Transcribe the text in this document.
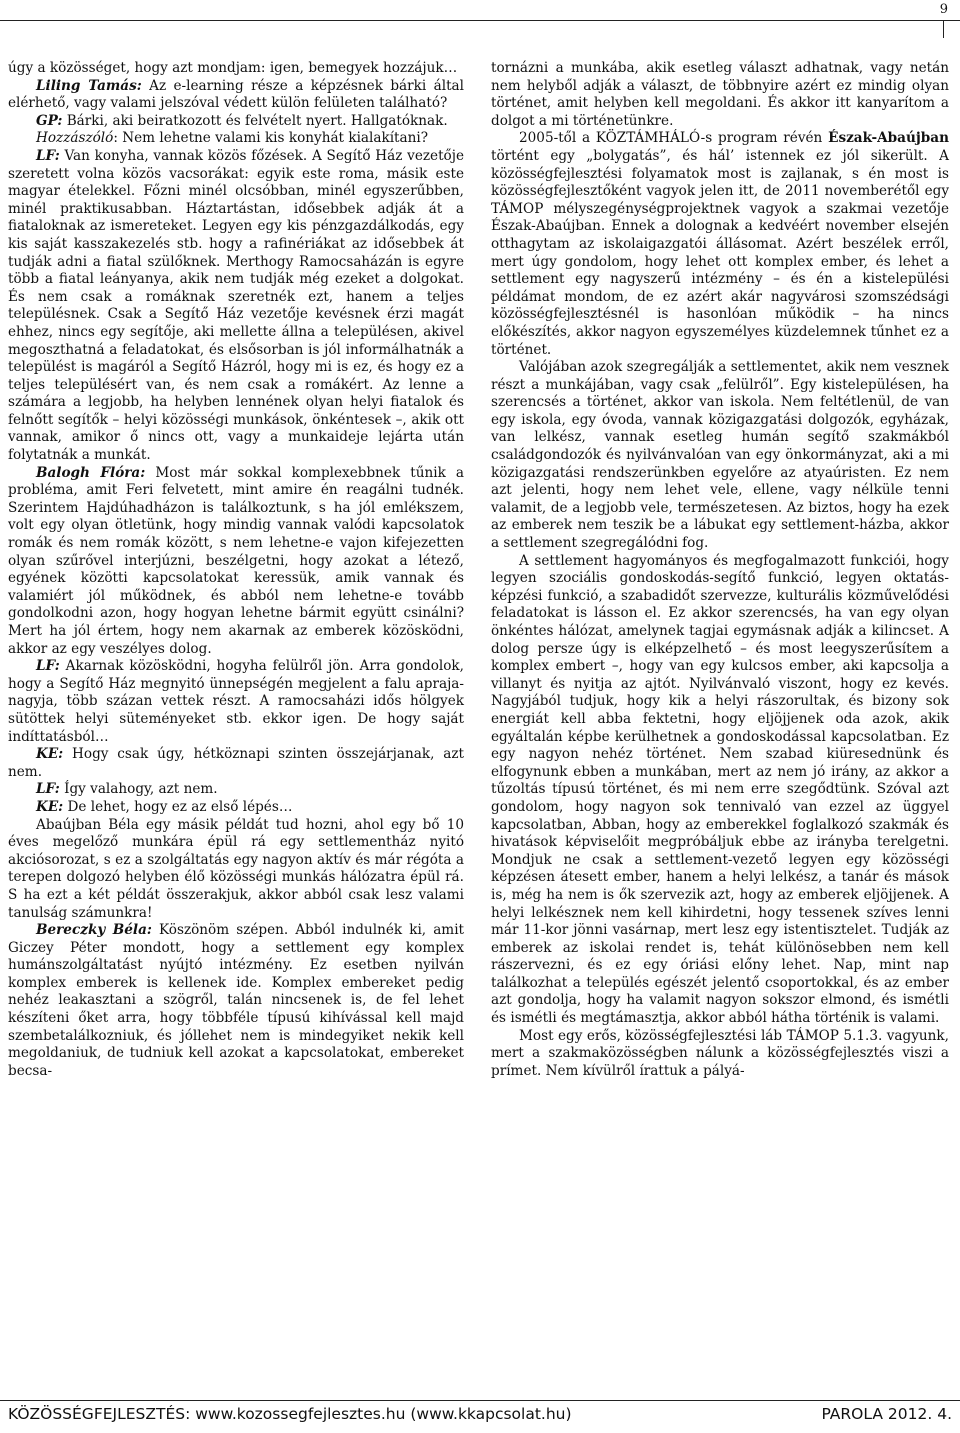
9

úgy a közösséget, hogy azt mondjam: igen, bemegyek hozzájuk…

Liling Tamás: Az e-learning része a képzésnek bárki által elérhető, vagy valami jelszóval védett külön felületen található?

GP: Bárki, aki beiratkozott és felvételt nyert. Hallgatóknak.

Hozzászóló: Nem lehetne valami kis konyhát kialakítani?

LF: Van konyha, vannak közös főzések. A Segítő Ház vezetője szeretett volna közös vacsorákat: egyik este roma, másik este magyar ételekkel. Főzni minél olcsóbban, minél egyszerűbben, minél praktikusabban. Háztartástan, idősebbek adják át a fiataloknak az ismereteket. Legyen egy kis pénzgazdálkodás, egy kis saját kasszakezelés stb. hogy a rafinériákat az idősebbek át tudják adni a fiatal szülőknek. Merthogy Ramocsaházán is egyre több a fiatal leányanya, akik nem tudják még ezeket a dolgokat. És nem csak a romáknak szeretnék ezt, hanem a teljes településnek. Csak a Segítő Ház vezetője kevésnek érzi magát ehhez, nincs egy segítője, aki mellette állna a településen, akivel megoszthatná a feladatokat, és elsősorban is jól informálhatnák a települést is magáról a Segítő Házról, hogy mi is ez, és hogy ez a teljes településért van, és nem csak a romákért. Az lenne a számára a legjobb, ha helyben lennének olyan helyi fiatalok és felnőtt segítők – helyi közösségi munkások, önkéntesek –, akik ott vannak, amikor ő nincs ott, vagy a munkaideje lejárta után folytatnák a munkát.

Balogh Flóra: Most már sokkal komplexebbnek tűnik a probléma, amit Feri felvetett, mint amire én reagálni tudnék. Szerintem Hajdúhadházon is találkoztunk, s ha jól emlékszem, volt egy olyan ötletünk, hogy mindig vannak valódi kapcsolatok romák és nem romák között, s nem lehetne-e vajon kifejezetten olyan szűrővel interjúzni, beszélgetni, hogy azokat a létező, egyének közötti kapcsolatokat keressük, amik vannak és valamiért jól működnek, és abból nem lehetne-e tovább gondolkodni azon, hogy hogyan lehetne bármit együtt csinálni? Mert ha jól értem, hogy nem akarnak az emberek közösködni, akkor az egy veszélyes dolog.

LF: Akarnak közösködni, hogyha felülről jön. Arra gondolok, hogy a Segítő Ház megnyitó ünnepségén megjelent a falu apraja-nagyja, több százan vettek részt. A ramocsaházi idős hölgyek sütöttek helyi süteményeket stb. ekkor igen. De hogy saját indíttatásból…

KE: Hogy csak úgy, hétköznapi szinten összejárjanak, azt nem.

LF: Így valahogy, azt nem.

KE: De lehet, hogy ez az első lépés…

Abaújban Béla egy másik példát tud hozni, ahol egy bő 10 éves megelőző munkára épül rá egy settlementház nyitó akciósorozat, s ez a szolgáltatás egy nagyon aktív és már régóta a terepen dolgozó helyben élő közösségi munkás hálózatra épül rá. S ha ezt a két példát összerakjuk, akkor abból csak lesz valami tanulság számunkra!

Bereczky Béla: Köszönöm szépen. Abból indulnék ki, amit Giczey Péter mondott, hogy a settlement egy komplex humánszolgáltatást nyújtó intézmény. Ez esetben nyilván komplex emberek is kellenek ide. Komplex embereket pedig nehéz leakasztani a szögről, talán nincsenek is, de fel lehet készíteni őket arra, hogy többféle típusú kihívással kell majd szembetalálkozniuk, és jóllehet nem is mindegyiket nekik kell megoldaniuk, de tudniuk kell azokat a kapcsolatokat, embereket becsa-

tornázni a munkába, akik esetleg választ adhatnak, vagy netán nem helyből adják a választ, de többnyire azért ez mindig olyan történet, amit helyben kell megoldani. És akkor itt kanyarítom a dolgot a mi történetünkre.

2005-től a KÖZTÁMHÁLÓ-s program révén Észak-Abaújban történt egy „bolygatás”, és hál’ istennek ez jól sikerült. A közösségfejlesztési folyamatok most is zajlanak, s én most is közösségfejlesztőként vagyok jelen itt, de 2011 novemberétől egy TÁMOP mélyszegénységprojektnek vagyok a szakmai vezetője Észak-Abaújban. Ennek a dolognak a kedvéért november elsején otthagytam az iskolaigazgatói állásomat. Azért beszélek erről, mert úgy gondolom, hogy lehet ott komplex ember, és lehet a settlement egy nagyszerű intézmény – és én a kistelepülési példámat mondom, de ez azért akár nagyvárosi szomszédsági közösségfejlesztésnél is hasonlóan működik – ha nincs előkészítés, akkor nagyon egyszemélyes küzdelemnek tűnhet ez a történet.

Valójában azok szegregálják a settlementet, akik nem vesznek részt a munkájában, vagy csak „felülről”. Egy kistelepülésen, ha szerencsés a történet, akkor van iskola. Nem feltétlenül, de van egy iskola, egy óvoda, vannak közigazgatási dolgozók, egyházak, van lelkész, vannak esetleg humán segítő szakmákból családgondozók és nyilvánvalóan van egy önkormányzat, aki a mi közigazgatási rendszerünkben egyelőre az atyaúristen. Ez nem azt jelenti, hogy nem lehet vele, ellene, vagy nélküle tenni valamit, de a legjobb vele, természetesen. Az biztos, hogy ha ezek az emberek nem teszik be a lábukat egy settlement-házba, akkor a settlement szegregálódni fog.

A settlement hagyományos és megfogalmazott funkciói, hogy legyen szociális gondoskodás-segítő funkció, legyen oktatás-képzési funkció, a szabadidőt szervezze, kulturális közművelődési feladatokat is lásson el. Ez akkor szerencsés, ha van egy olyan önkéntes hálózat, amelynek tagjai egymásnak adják a kilincset. A dolog persze úgy is elképzelhető – és most leegyszerűsítem a komplex embert –, hogy van egy kulcsos ember, aki kapcsolja a villanyt és nyitja az ajtót. Nyilvánvaló viszont, hogy ez kevés. Nagyjából tudjuk, hogy kik a helyi rászorultak, és bizony sok energiát kell abba fektetni, hogy eljöjjenek oda azok, akik egyáltalán képbe kerülhetnek a gondoskodással kapcsolatban. Ez egy nagyon nehéz történet. Nem szabad kiüresednünk és elfogynunk ebben a munkában, mert az nem jó irány, az akkor a tűzoltás típusú történet, és mi nem erre szegődtünk. Szóval azt gondolom, hogy nagyon sok tennivaló van ezzel az üggyel kapcsolatban, Abban, hogy az emberekkel foglalkozó szakmák és hivatások képviselőit megpróbáljuk ebbe az irányba terelgetni. Mondjuk ne csak a settlement-vezető legyen egy közösségi képzésen átesett ember, hanem a helyi lelkész, a tanár és mások is, még ha nem is ők szervezik azt, hogy az emberek eljöjjenek. A helyi lelkésznek nem kell kihirdetni, hogy tessenek szíves lenni már 11-kor jönni vasárnap, mert lesz egy istentisztelet. Tudják az emberek az iskolai rendet is, tehát különösebben nem kell rászervezni, és ez egy óriási előny lehet. Nap, mint nap találkozhat a település egészét jelentő csoportokkal, és az ember azt gondolja, hogy ha valamit nagyon sokszor elmond, és ismétli és ismétli és megtámasztja, akkor abból hátha történik is valami.

Most egy erős, közösségfejlesztési láb TÁMOP 5.1.3. vagyunk, mert a szakmaközösségben nálunk a közösségfejlesztés viszi a prímet. Nem kívülről írattuk a pályá-

KÖZÖSSÉGFEJLESZTÉS: www.kozossegfejlesztes.hu (www.kkapcsolat.hu)	PAROLA 2012. 4.
